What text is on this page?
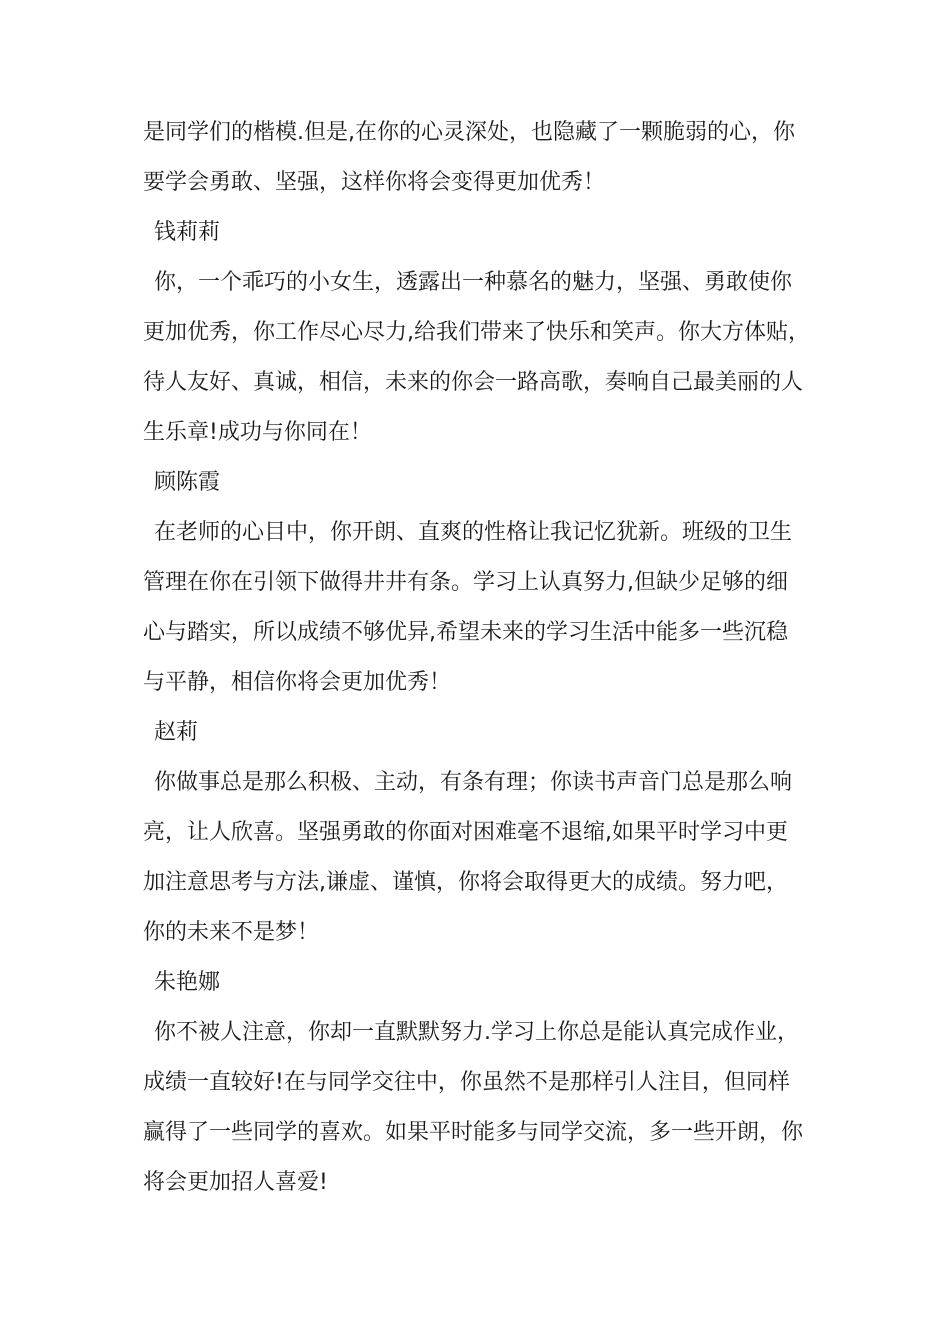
是同学们的楷模.但是,在你的心灵深处，也隐藏了一颗脆弱的心，你
要学会勇敢、坚强，这样你将会变得更加优秀！
钱莉莉
你，一个乖巧的小女生，透露出一种慕名的魅力，坚强、勇敢使你
更加优秀，你工作尽心尽力,给我们带来了快乐和笑声。你大方体贴，
待人友好、真诚，相信，未来的你会一路高歌，奏响自己最美丽的人
生乐章!成功与你同在！
顾陈霞
在老师的心目中，你开朗、直爽的性格让我记忆犹新。班级的卫生
管理在你在引领下做得井井有条。学习上认真努力,但缺少足够的细
心与踏实，所以成绩不够优异,希望未来的学习生活中能多一些沉稳
与平静，相信你将会更加优秀！
赵莉
你做事总是那么积极、主动，有条有理；你读书声音门总是那么响
亮，让人欣喜。坚强勇敢的你面对困难毫不退缩,如果平时学习中更
加注意思考与方法,谦虚、谨慎，你将会取得更大的成绩。努力吧，
你的未来不是梦！
朱艳娜
你不被人注意，你却一直默默努力.学习上你总是能认真完成作业，
成绩一直较好!在与同学交往中，你虽然不是那样引人注目，但同样
赢得了一些同学的喜欢。如果平时能多与同学交流，多一些开朗，你
将会更加招人喜爱!
